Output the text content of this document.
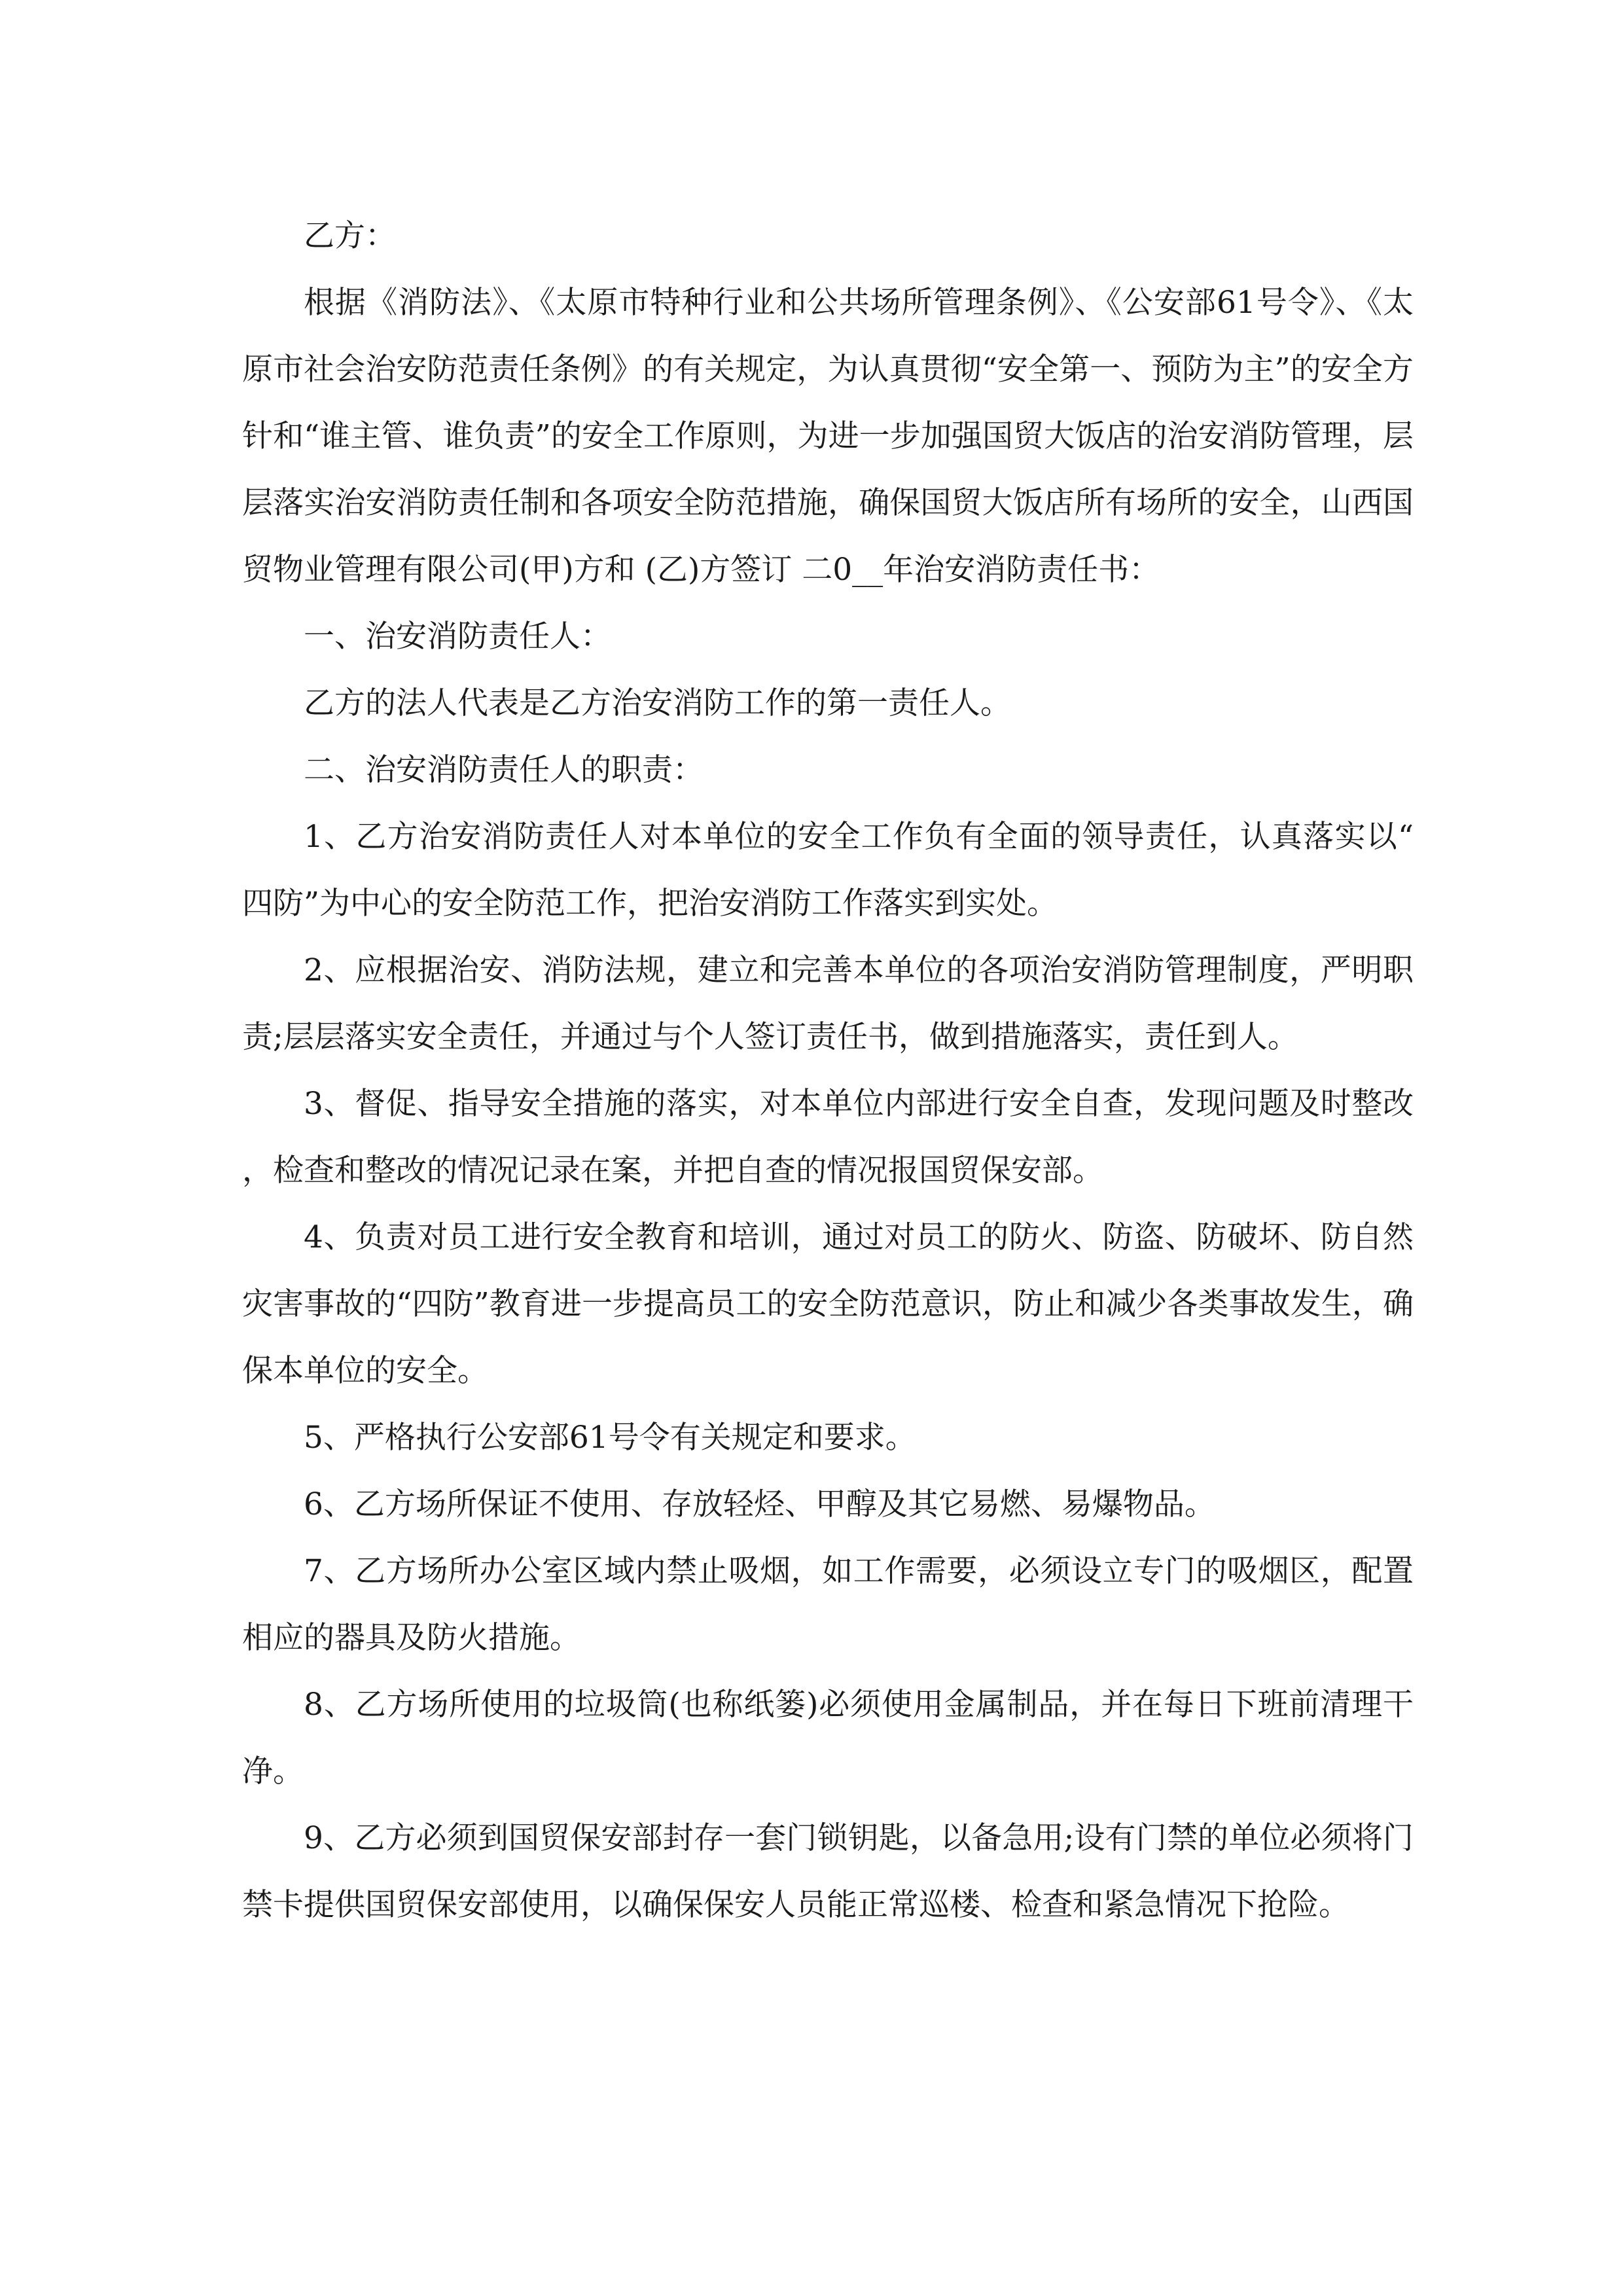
乙方：

根据《消防法》、《太原市特种行业和公共场所管理条例》、《公安部61号令》、《太原市社会治安防范责任条例》的有关规定，为认真贯彻“安全第一、预防为主”的安全方针和“谁主管、谁负责”的安全工作原则，为进一步加强国贸大饭店的治安消防管理，层层落实治安消防责任制和各项安全防范措施，确保国贸大饭店所有场所的安全，山西国贸物业管理有限公司(甲)方和 (乙)方签订 二0__年治安消防责任书：

一、治安消防责任人：

乙方的法人代表是乙方治安消防工作的第一责任人。

二、治安消防责任人的职责：

1、乙方治安消防责任人对本单位的安全工作负有全面的领导责任，认真落实以“四防”为中心的安全防范工作，把治安消防工作落实到实处。

2、应根据治安、消防法规，建立和完善本单位的各项治安消防管理制度，严明职责;层层落实安全责任，并通过与个人签订责任书，做到措施落实，责任到人。

3、督促、指导安全措施的落实，对本单位内部进行安全自查，发现问题及时整改，检查和整改的情况记录在案，并把自查的情况报国贸保安部。

4、负责对员工进行安全教育和培训，通过对员工的防火、防盗、防破坏、防自然灾害事故的“四防”教育进一步提高员工的安全防范意识，防止和减少各类事故发生，确保本单位的安全。

5、严格执行公安部61号令有关规定和要求。

6、乙方场所保证不使用、存放轻烃、甲醇及其它易燃、易爆物品。

7、乙方场所办公室区域内禁止吸烟，如工作需要，必须设立专门的吸烟区，配置相应的器具及防火措施。

8、乙方场所使用的垃圾筒(也称纸篓)必须使用金属制品，并在每日下班前清理干净。

9、乙方必须到国贸保安部封存一套门锁钥匙，以备急用;设有门禁的单位必须将门禁卡提供国贸保安部使用，以确保保安人员能正常巡楼、检查和紧急情况下抢险。
